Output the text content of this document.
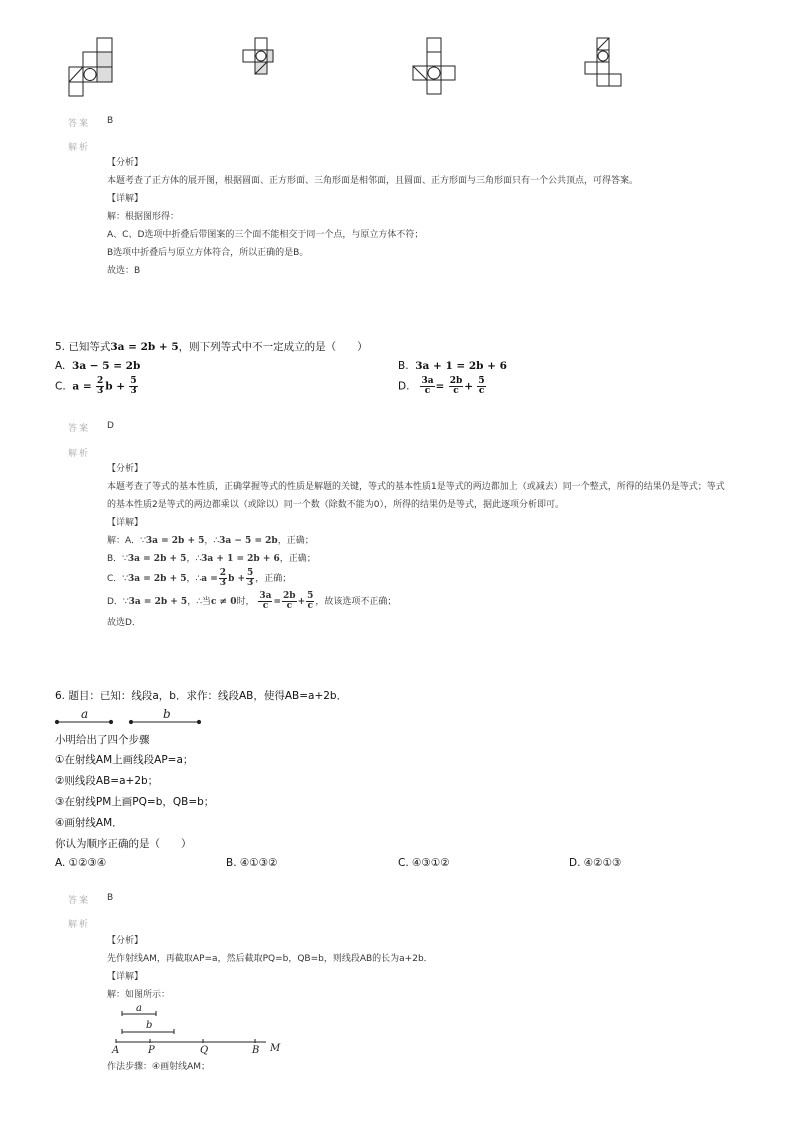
答案 B
解析
【分析】
本题考查了正方体的展开图，根据圆面、正方形面、三角形面是相邻面，且圆面、正方形面与三角形面只有一个公共顶点，可得答案。
【详解】
解：根据图形得：
A、C、D选项中折叠后带图案的三个面不能相交于同一个点，与原立方体不符；
B选项中折叠后与原立方体符合，所以正确的是B。
故选：B
5. 已知等式3a = 2b + 5，则下列等式中不一定成立的是（　　）
A. 3a − 5 = 2b	B. 3a + 1 = 2b + 6
C. $a = \frac{2}{3}$ $b + \frac{5}{3}$	D. $\frac{3a}{c} = \frac{2b}{c} + \frac{5}{c}$
答案 D
解析
【分析】
本题考查了等式的基本性质，正确掌握等式的性质是解题的关键，等式的基本性质1是等式的两边都加上（或减去）同一个整式，所得的结果仍是等式；等式的基本性质2是等式的两边都乘以（或除以）同一个数（除数不能为0），所得的结果仍是等式，据此逐项分析即可。
【详解】
解：A．∵3a = 2b + 5，∴3a − 5 = 2b，正确；
B．∵3a = 2b + 5，∴3a + 1 = 2b + 6，正确；
C．∵3a = 2b + 5，∴a = $\frac{2}{3}$ $b + \frac{5}{3}$ ，正确；
D．∵3a = 2b + 5，∴当c ≠ 0时， $\frac{3a}{c} = \frac{2b}{c} + \frac{5}{c}$ ，故该选项不正确；
故选D．
6. 题目：已知：线段a，b．求作：线段AB，使得AB=a+2b．
a	b
小明给出了四个步骤
①在射线AM上画线段AP=a；
②则线段AB=a+2b；
③在射线PM上画PQ=b，QB=b；
④画射线AM．
你认为顺序正确的是（　　）
A. ①②③④	B. ④①③②	C. ④③①②	D. ④②①③
答案 B
解析
【分析】
先作射线AM，再截取AP=a，然后截取PQ=b，QB=b，则线段AB的长为a+2b．
【详解】
解：如图所示：
a
b
A	P	Q	B M
作法步骤：④画射线AM；
